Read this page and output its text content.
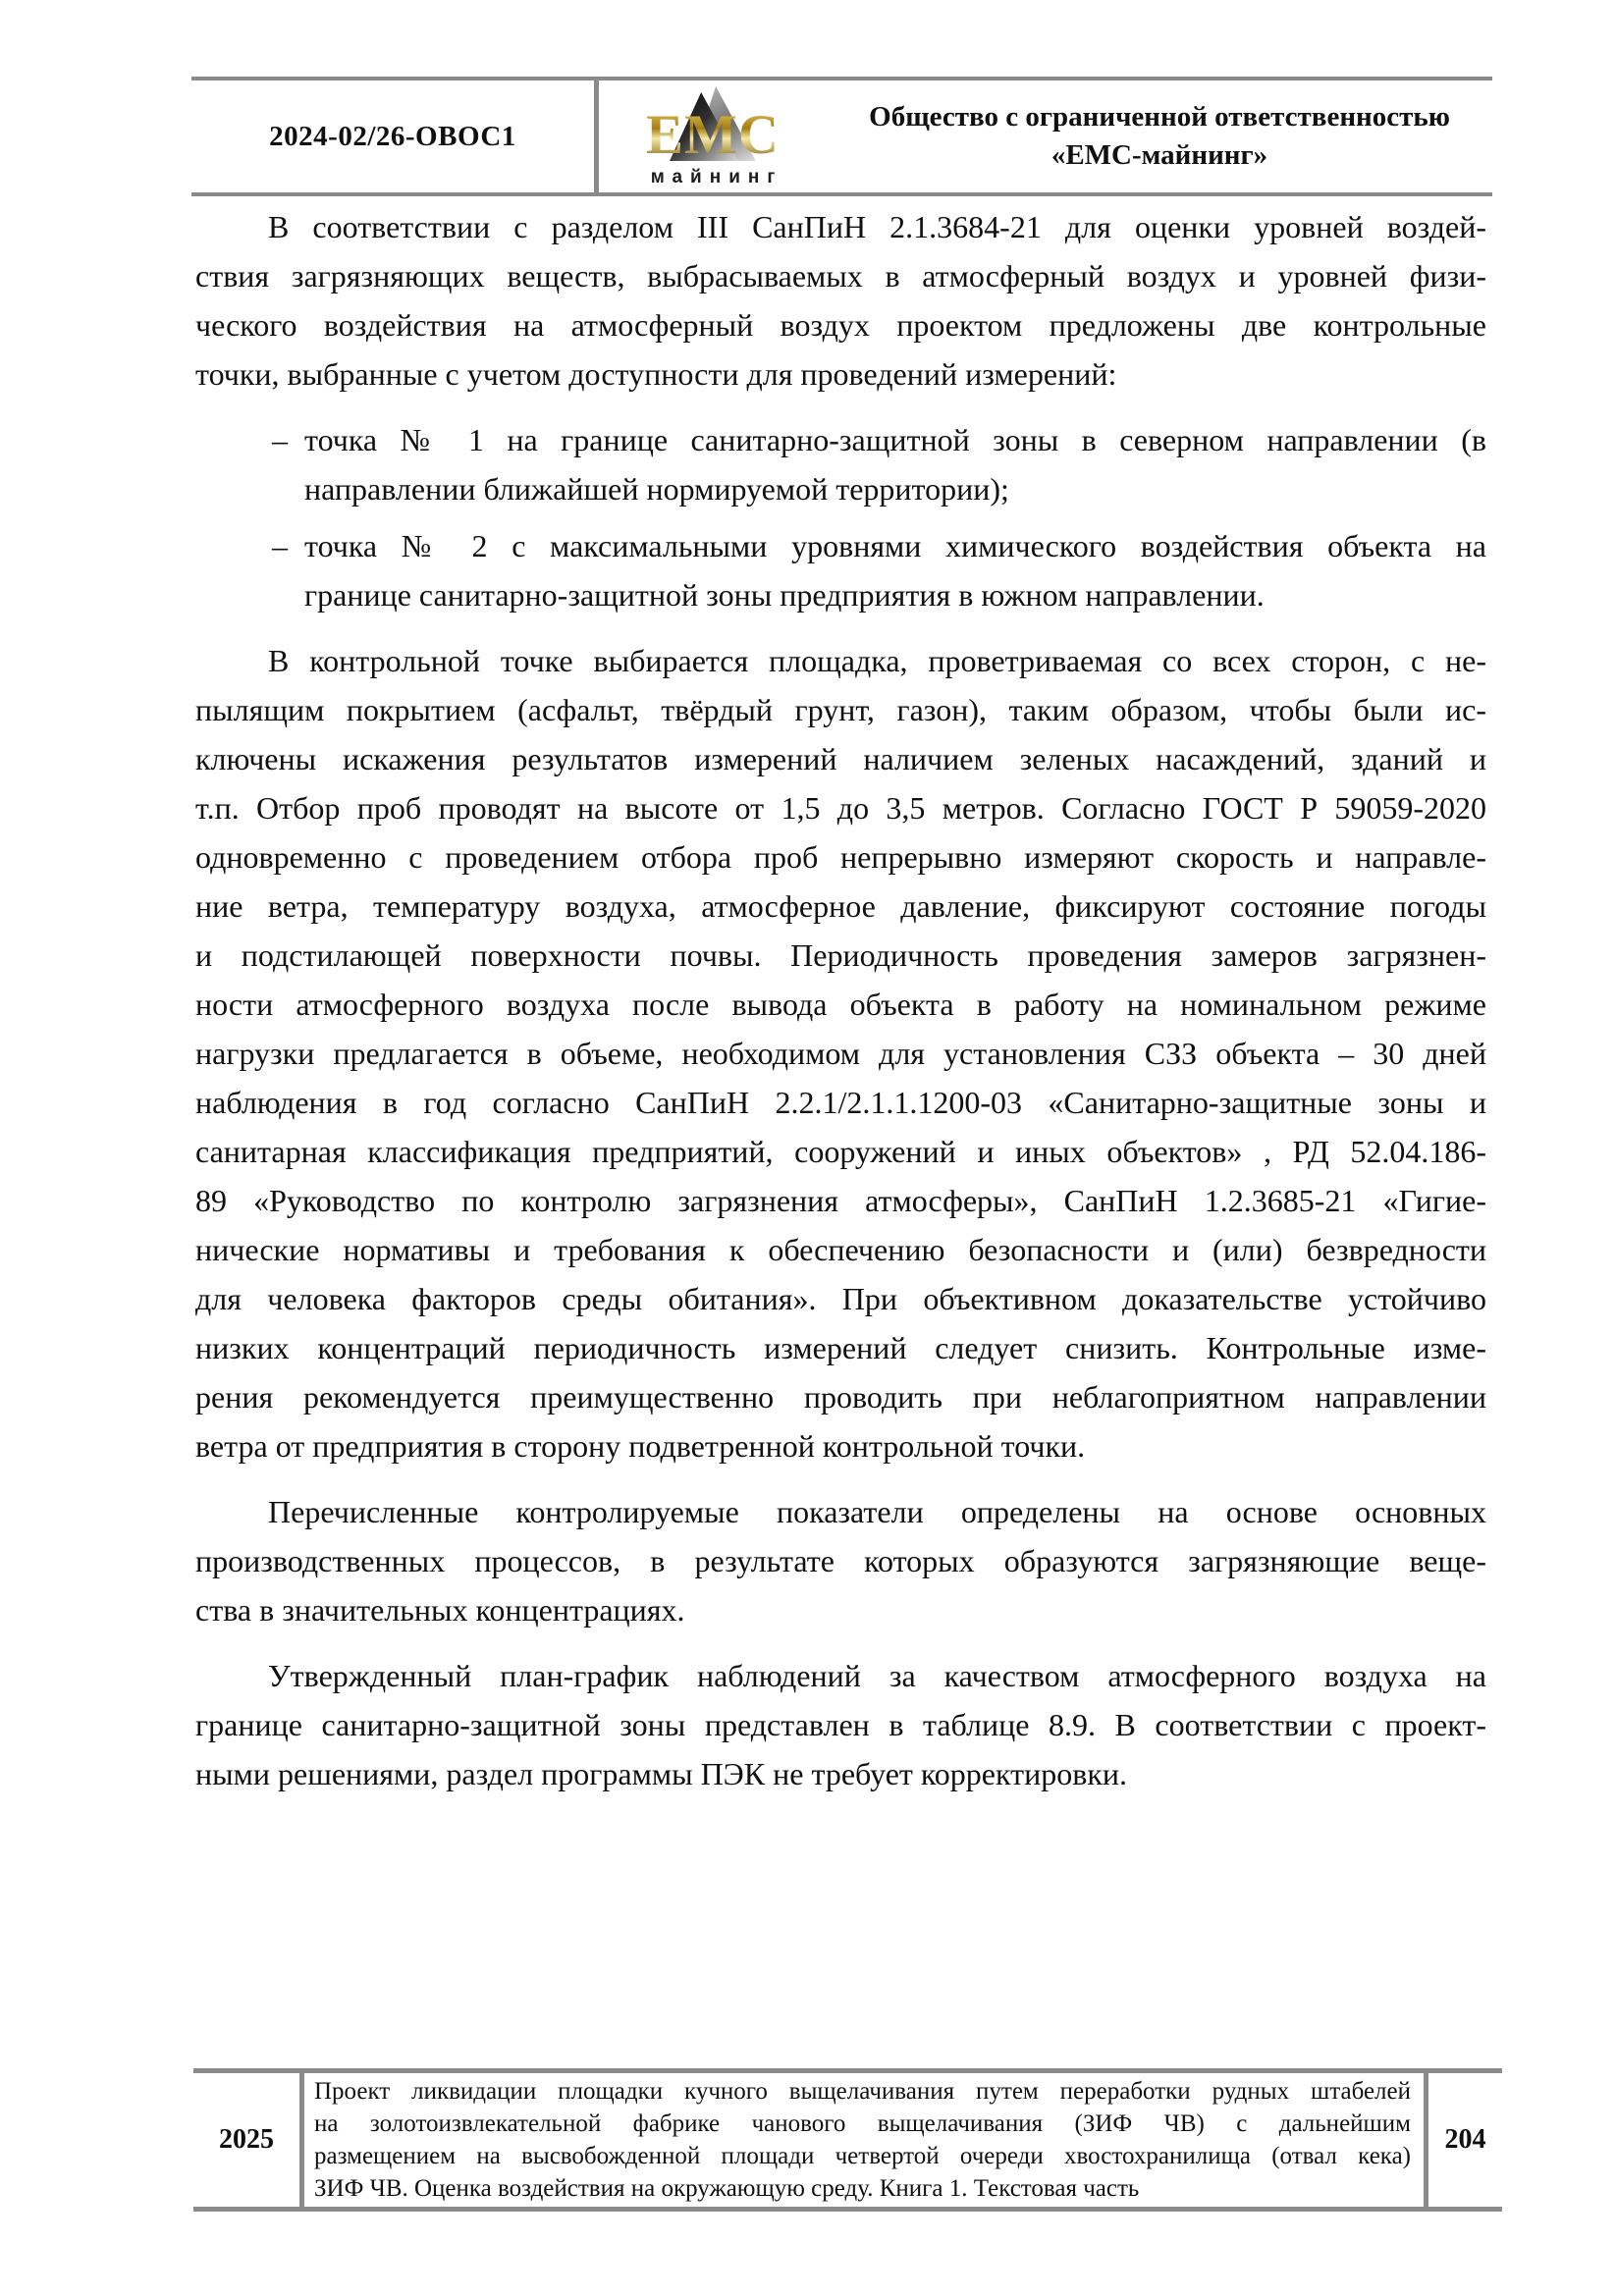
2024-02/26-ОВОС1	ЕМС
майнинг
Общество с ограниченной ответственностью
«ЕМС-майнинг»
В соответствии с разделом III СанПиН 2.1.3684-21 для оценки уровней воздей-
ствия загрязняющих веществ, выбрасываемых в атмосферный воздух и уровней физи-
ческого воздействия на атмосферный воздух проектом предложены две контрольные
точки, выбранные с учетом доступности для проведений измерений:
– точка № 1 на границе санитарно-защитной зоны в северном направлении (в
направлении ближайшей нормируемой территории);
– точка № 2 с максимальными уровнями химического воздействия объекта на
границе санитарно-защитной зоны предприятия в южном направлении.
В контрольной точке выбирается площадка, проветриваемая со всех сторон, с не-
пылящим покрытием (асфальт, твёрдый грунт, газон), таким образом, чтобы были ис-
ключены искажения результатов измерений наличием зеленых насаждений, зданий и
т.п. Отбор проб проводят на высоте от 1,5 до 3,5 метров. Согласно ГОСТ Р 59059-2020
одновременно с проведением отбора проб непрерывно измеряют скорость и направле-
ние ветра, температуру воздуха, атмосферное давление, фиксируют состояние погоды
и подстилающей поверхности почвы. Периодичность проведения замеров загрязнен-
ности атмосферного воздуха после вывода объекта в работу на номинальном режиме
нагрузки предлагается в объеме, необходимом для установления СЗЗ объекта – 30 дней
наблюдения в год согласно СанПиН 2.2.1/2.1.1.1200-03 «Санитарно-защитные зоны и
санитарная классификация предприятий, сооружений и иных объектов» , РД 52.04.186-
89 «Руководство по контролю загрязнения атмосферы», СанПиН 1.2.3685-21 «Гигие-
нические нормативы и требования к обеспечению безопасности и (или) безвредности
для человека факторов среды обитания». При объективном доказательстве устойчиво
низких концентраций периодичность измерений следует снизить. Контрольные изме-
рения рекомендуется преимущественно проводить при неблагоприятном направлении
ветра от предприятия в сторону подветренной контрольной точки.
Перечисленные контролируемые показатели определены на основе основных
производственных процессов, в результате которых образуются загрязняющие веще-
ства в значительных концентрациях.
Утвержденный план-график наблюдений за качеством атмосферного воздуха на
границе санитарно-защитной зоны представлен в таблице 8.9. В соответствии с проект-
ными решениями, раздел программы ПЭК не требует корректировки.
2025
Проект ликвидации площадки кучного выщелачивания путем переработки рудных штабелей
на золотоизвлекательной фабрике чанового выщелачивания (ЗИФ ЧВ) с дальнейшим
размещением на высвобожденной площади четвертой очереди хвостохранилища (отвал кека)
ЗИФ ЧВ. Оценка воздействия на окружающую среду. Книга 1. Текстовая часть
204
